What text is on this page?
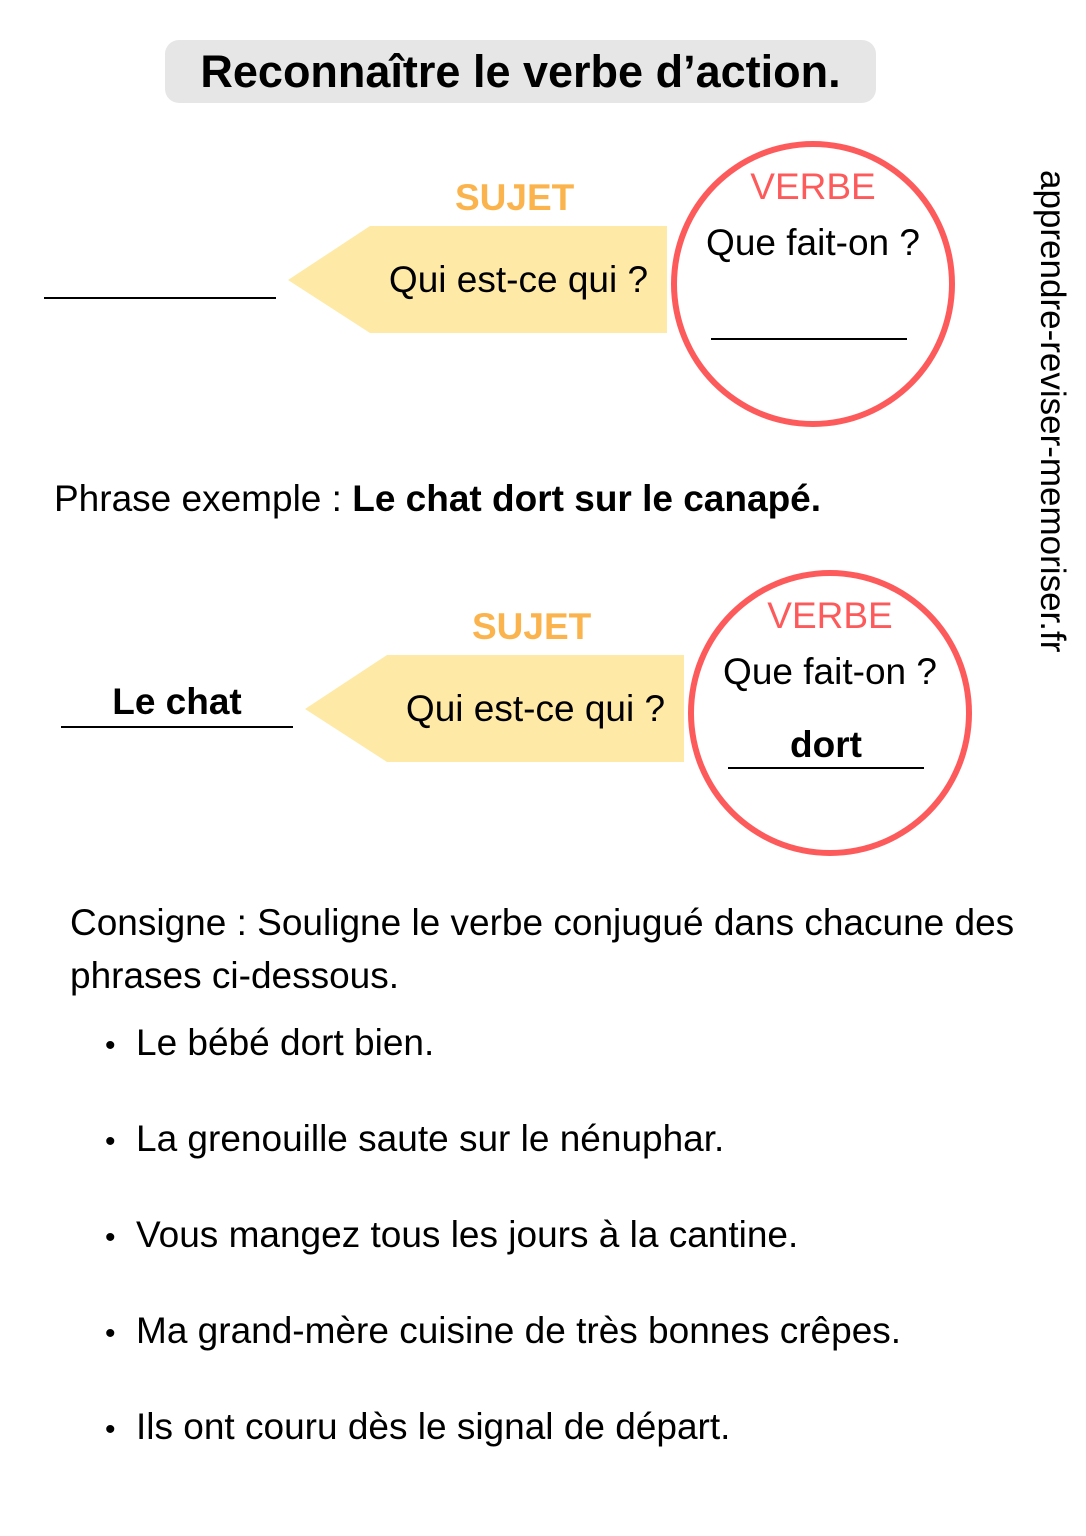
Reconnaître le verbe d’action.
apprendre-reviser-memoriser.fr
SUJET
Qui est-ce qui ?
VERBE
Que fait-on ?
Phrase exemple : Le chat dort sur le canapé.
SUJET
Qui est-ce qui ?
Le chat
VERBE
Que fait-on ?
dort
Consigne : Souligne le verbe conjugué dans chacune des phrases ci-dessous.
• Le bébé dort bien.
• La grenouille saute sur le nénuphar.
• Vous mangez tous les jours à la cantine.
• Ma grand-mère cuisine de très bonnes crêpes.
• Ils ont couru dès le signal de départ.
